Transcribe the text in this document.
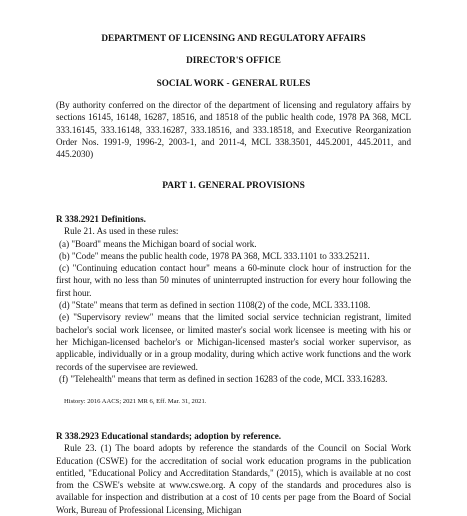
DEPARTMENT OF LICENSING AND REGULATORY AFFAIRS
DIRECTOR'S OFFICE
SOCIAL WORK - GENERAL RULES
(By authority conferred on the director of the department of licensing and regulatory affairs by sections 16145, 16148, 16287, 18516, and 18518 of the public health code, 1978 PA 368, MCL 333.16145, 333.16148, 333.16287, 333.18516, and 333.18518, and Executive Reorganization Order Nos. 1991-9, 1996-2, 2003-1, and 2011-4, MCL 338.3501, 445.2001, 445.2011, and 445.2030)
PART 1. GENERAL PROVISIONS
R 338.2921 Definitions.
Rule 21. As used in these rules:
(a) "Board" means the Michigan board of social work.
(b) "Code" means the public health code, 1978 PA 368, MCL 333.1101 to 333.25211.

(c) "Continuing education contact hour" means a 60-minute clock hour of instruction for the first hour, with no less than 50 minutes of uninterrupted instruction for every hour following the first hour.

(d) "State" means that term as defined in section 1108(2) of the code, MCL 333.1108.

(e) "Supervisory review" means that the limited social service technician registrant, limited bachelor's social work licensee, or limited master's social work licensee is meeting with his or her Michigan-licensed bachelor's or Michigan-licensed master's social worker supervisor, as applicable, individually or in a group modality, during which active work functions and the work records of the supervisee are reviewed.

(f) "Telehealth" means that term as defined in section 16283 of the code, MCL 333.16283.

History: 2016 AACS; 2021 MR 6, Eff. Mar. 31, 2021.
R 338.2923 Educational standards; adoption by reference.

Rule 23. (1) The board adopts by reference the standards of the Council on Social Work Education (CSWE) for the accreditation of social work education programs in the publication entitled, "Educational Policy and Accreditation Standards," (2015), which is available at no cost from the CSWE's website at www.cswe.org. A copy of the standards and procedures also is available for inspection and distribution at a cost of 10 cents per page from the Board of Social Work, Bureau of Professional Licensing, Michigan
